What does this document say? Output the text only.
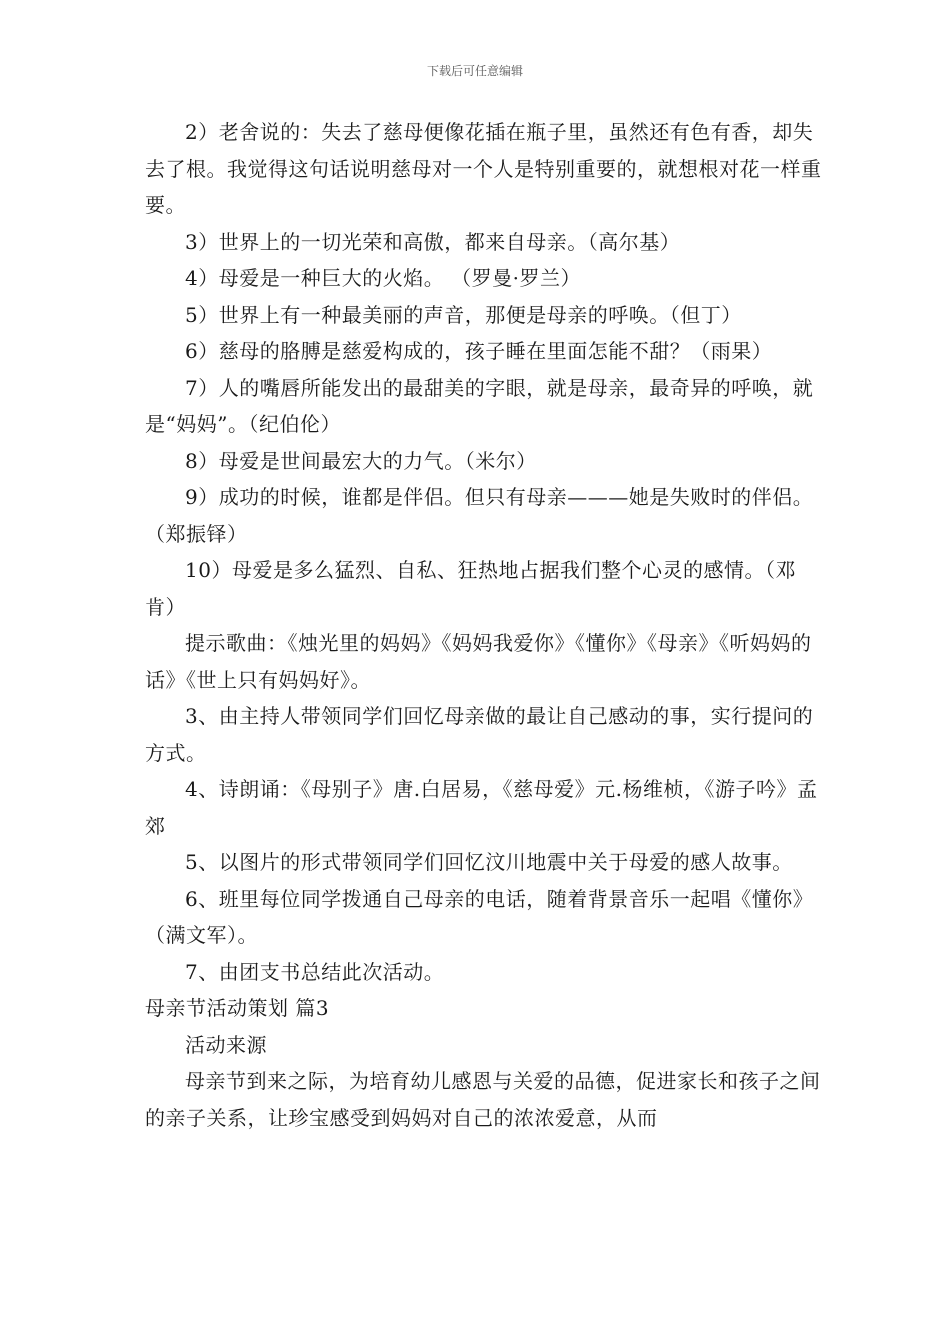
下载后可任意编辑

2）老舍说的：失去了慈母便像花插在瓶子里，虽然还有色有香，却失去了根。我觉得这句话说明慈母对一个人是特别重要的，就想根对花一样重要。

3）世界上的一切光荣和高傲，都来自母亲。（高尔基）

4）母爱是一种巨大的火焰。 （罗曼·罗兰）

5）世界上有一种最美丽的声音，那便是母亲的呼唤。（但丁）

6）慈母的胳膊是慈爱构成的，孩子睡在里面怎能不甜？（雨果）

7）人的嘴唇所能发出的最甜美的字眼，就是母亲，最奇异的呼唤，就是“妈妈”。（纪伯伦）

8）母爱是世间最宏大的力气。（米尔）

9）成功的时候，谁都是伴侣。但只有母亲———她是失败时的伴侣。（郑振铎）

10）母爱是多么猛烈、自私、狂热地占据我们整个心灵的感情。（邓肯）

提示歌曲：《烛光里的妈妈》《妈妈我爱你》《懂你》《母亲》《听妈妈的话》《世上只有妈妈好》。

3、由主持人带领同学们回忆母亲做的最让自己感动的事，实行提问的方式。

4、诗朗诵：《母别子》唐.白居易，《慈母爱》元.杨维桢，《游子吟》孟郊

5、以图片的形式带领同学们回忆汶川地震中关于母爱的感人故事。

6、班里每位同学拨通自己母亲的电话，随着背景音乐一起唱《懂你》（满文军）。

7、由团支书总结此次活动。

母亲节活动策划 篇3

活动来源

母亲节到来之际，为培育幼儿感恩与关爱的品德，促进家长和孩子之间的亲子关系，让珍宝感受到妈妈对自己的浓浓爱意，从而
